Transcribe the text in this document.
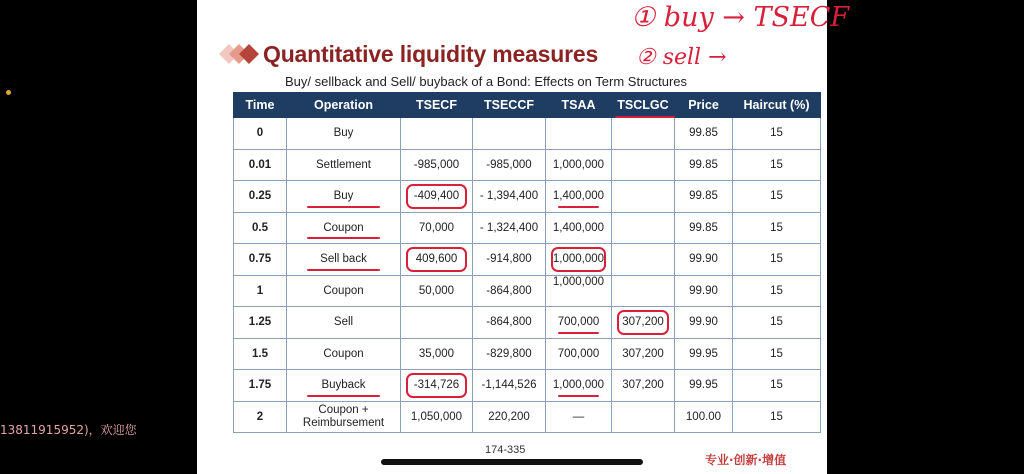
13811915952)，欢迎您
Quantitative liquidity measures
Buy/ sellback and Sell/ buyback of a Bond: Effects on Term Structures
① buy → TSECF
② sell →
Time	Operation	TSECF	TSECCF	TSAA	TSCLGC	Price	Haircut (%)
0	Buy					99.85	15
0.01	Settlement	-985,000	-985,000	1,000,000		99.85	15
0.25	Buy	-409,400	- 1,394,400	1,400,000		99.85	15
0.5	Coupon	70,000	- 1,324,400	1,400,000		99.85	15
0.75	Sell back	409,600	-914,800	1,000,000		99.90	15
1	Coupon	50,000	-864,800	1,000,000		99.90	15
1.25	Sell		-864,800	700,000	307,200	99.90	15
1.5	Coupon	35,000	-829,800	700,000	307,200	99.95	15
1.75	Buyback	-314,726	-1,144,526	1,000,000	307,200	99.95	15
2	Coupon +
Reimbursement	1,050,000	220,200	—		100.00	15
174-335
专业·创新·增值
